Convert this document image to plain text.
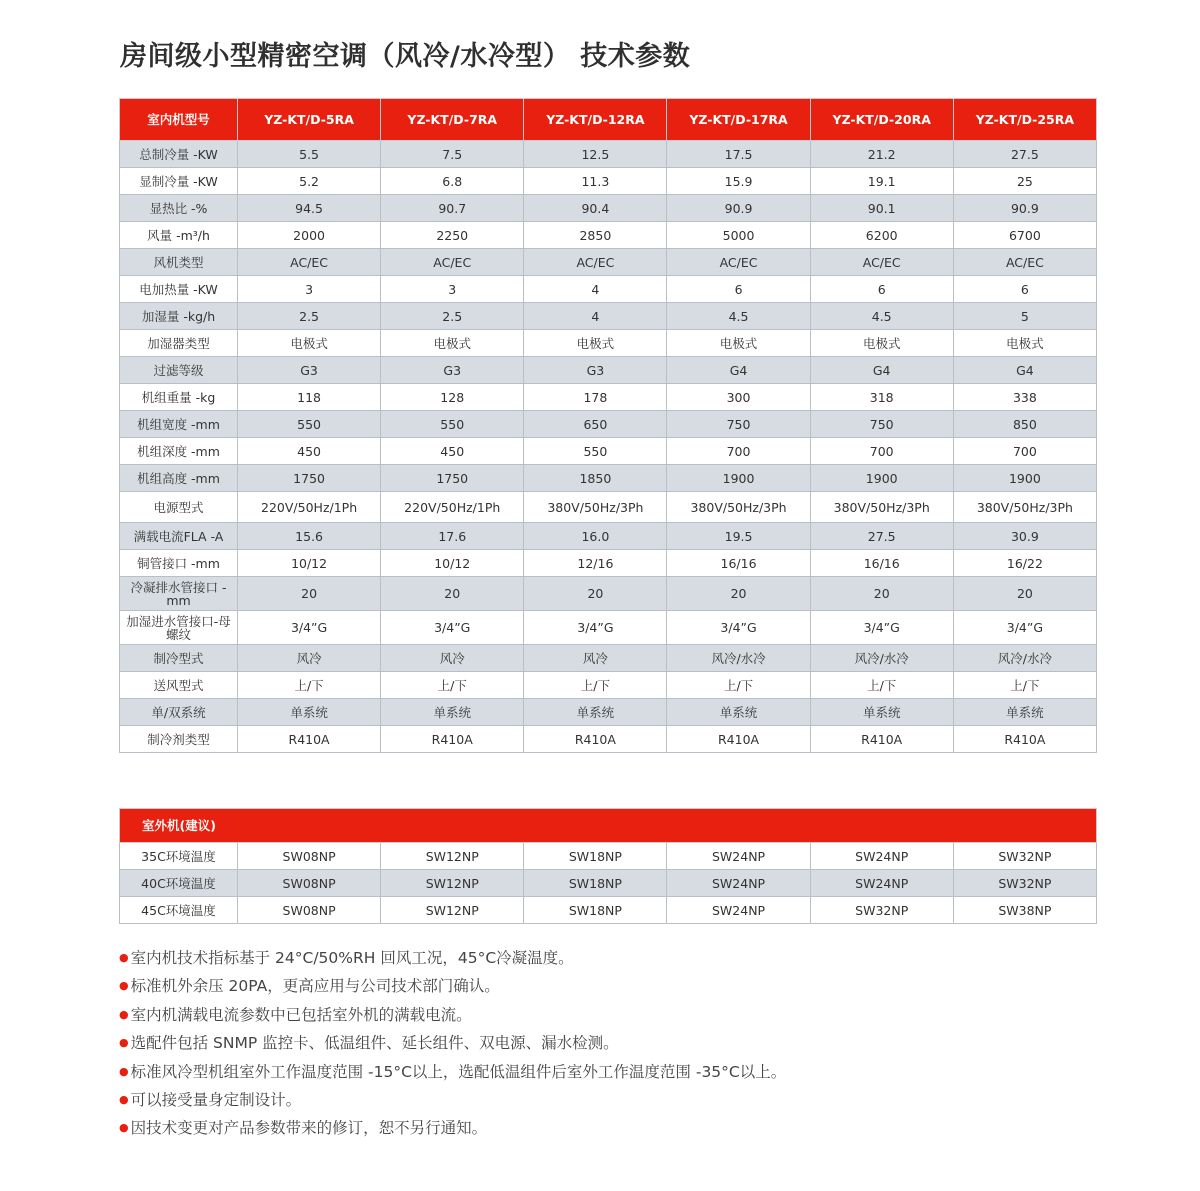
房间级小型精密空调（风冷/水冷型） 技术参数
室内机型号	YZ-KT/D-5RA	YZ-KT/D-7RA	YZ-KT/D-12RA	YZ-KT/D-17RA	YZ-KT/D-20RA	YZ-KT/D-25RA
总制冷量 -KW	5.5	7.5	12.5	17.5	21.2	27.5
显制冷量 -KW	5.2	6.8	11.3	15.9	19.1	25
显热比 -%	94.5	90.7	90.4	90.9	90.1	90.9
风量 -m³/h	2000	2250	2850	5000	6200	6700
风机类型	AC/EC	AC/EC	AC/EC	AC/EC	AC/EC	AC/EC
电加热量 -KW	3	3	4	6	6	6
加湿量 -kg/h	2.5	2.5	4	4.5	4.5	5
加湿器类型	电极式	电极式	电极式	电极式	电极式	电极式
过滤等级	G3	G3	G3	G4	G4	G4
机组重量 -kg	118	128	178	300	318	338
机组宽度 -mm	550	550	650	750	750	850
机组深度 -mm	450	450	550	700	700	700
机组高度 -mm	1750	1750	1850	1900	1900	1900
电源型式	220V/50Hz/1Ph	220V/50Hz/1Ph	380V/50Hz/3Ph	380V/50Hz/3Ph	380V/50Hz/3Ph	380V/50Hz/3Ph
满载电流FLA -A	15.6	17.6	16.0	19.5	27.5	30.9
铜管接口 -mm	10/12	10/12	12/16	16/16	16/16	16/22
冷凝排水管接口 -mm	20	20	20	20	20	20
加湿进水管接口-母螺纹	3/4”G	3/4”G	3/4”G	3/4”G	3/4”G	3/4”G
制冷型式	风冷	风冷	风冷	风冷/水冷	风冷/水冷	风冷/水冷
送风型式	上/下	上/下	上/下	上/下	上/下	上/下
单/双系统	单系统	单系统	单系统	单系统	单系统	单系统
制冷剂类型	R410A	R410A	R410A	R410A	R410A	R410A
室外机(建议)						
35C环境温度	SW08NP	SW12NP	SW18NP	SW24NP	SW24NP	SW32NP
40C环境温度	SW08NP	SW12NP	SW18NP	SW24NP	SW24NP	SW32NP
45C环境温度	SW08NP	SW12NP	SW18NP	SW24NP	SW32NP	SW38NP
● 室内机技术指标基于 24°C/50%RH 回风工况，45°C冷凝温度。
● 标准机外余压 20PA，更高应用与公司技术部门确认。
● 室内机满载电流参数中已包括室外机的满载电流。
● 选配件包括 SNMP 监控卡、低温组件、延长组件、双电源、漏水检测。
● 标准风冷型机组室外工作温度范围 -15°C以上，选配低温组件后室外工作温度范围 -35°C以上。
● 可以接受量身定制设计。
● 因技术变更对产品参数带来的修订，恕不另行通知。
